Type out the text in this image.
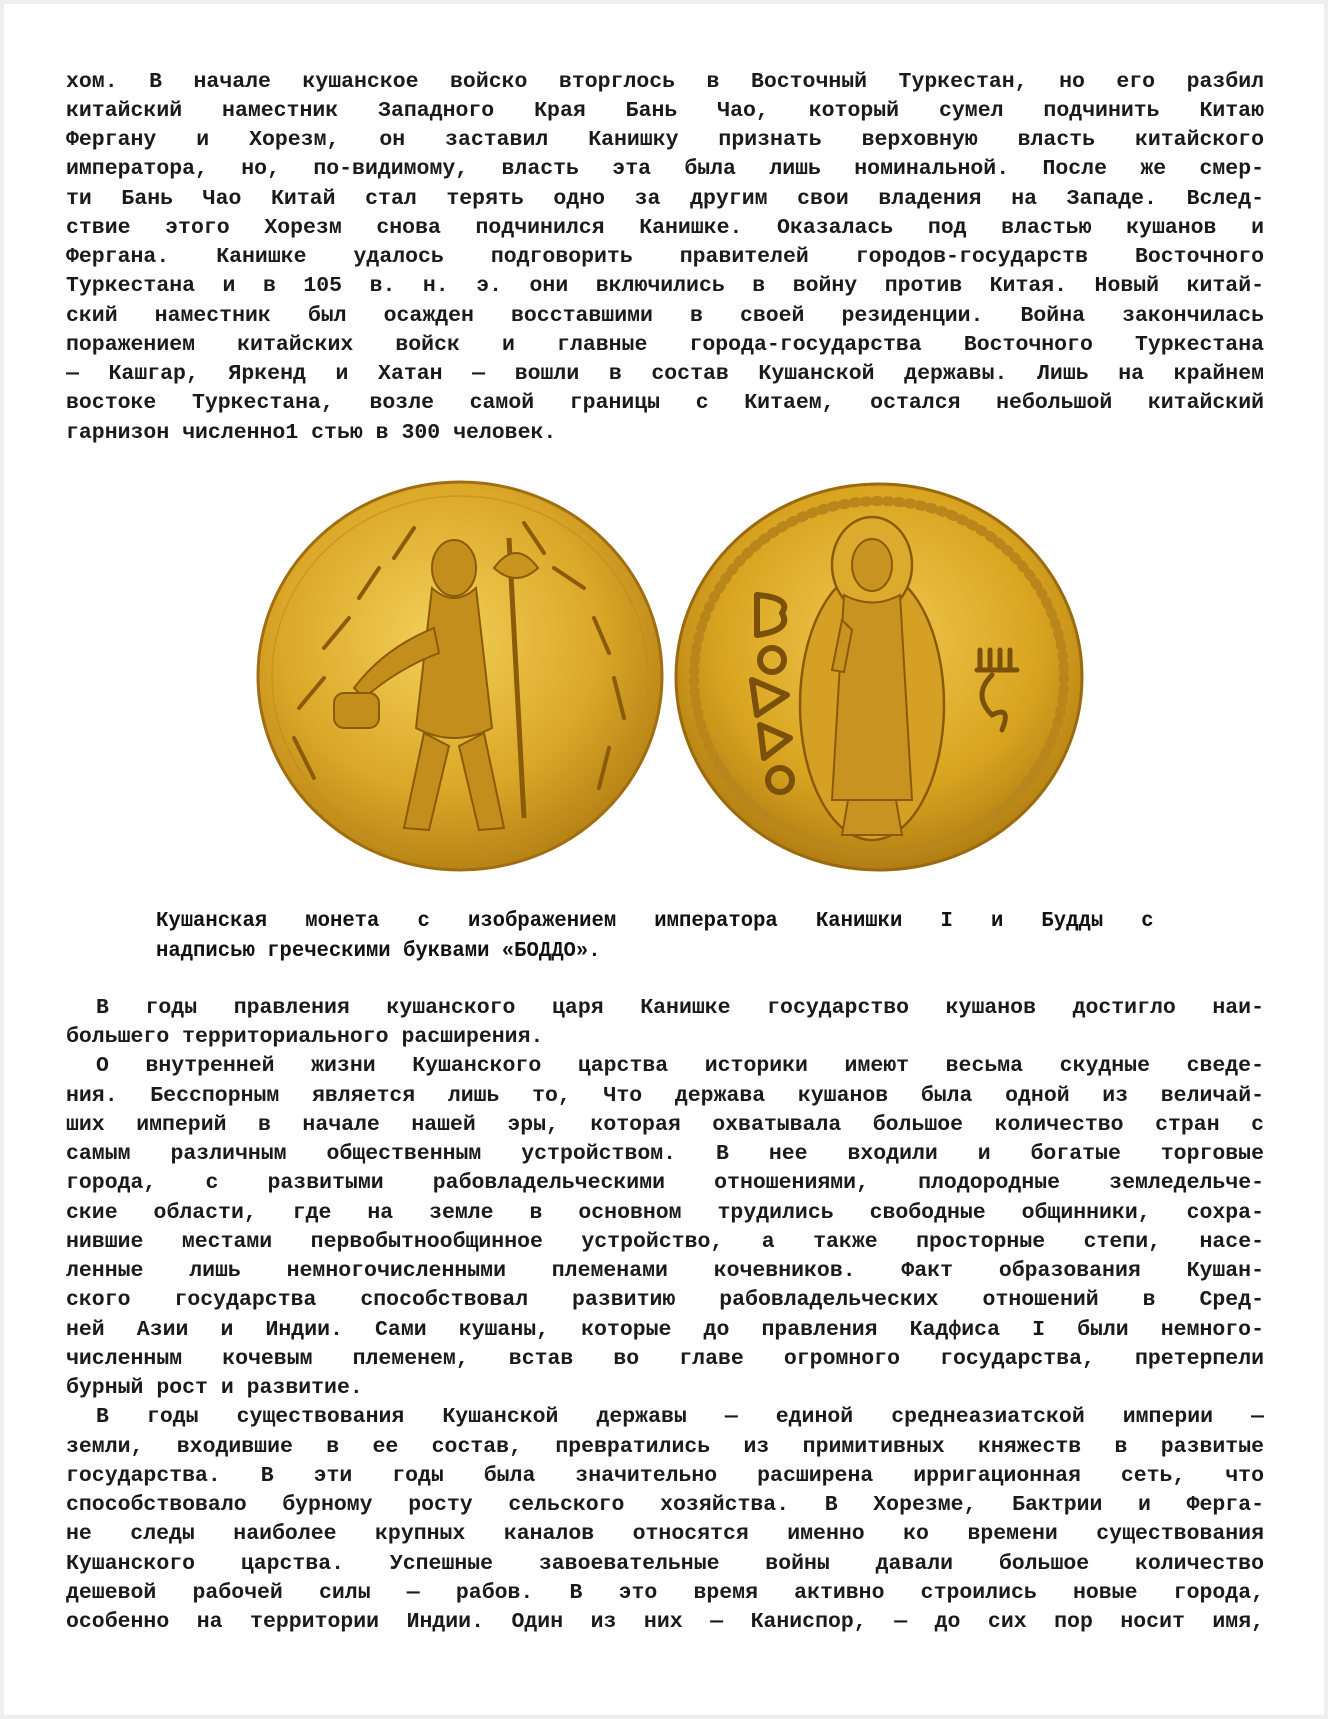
хом. В начале кушанское войско вторглось в Восточный Туркестан, но его разбил
китайский наместник Западного Края Бань Чао, который сумел подчинить Китаю
Фергану и Хорезм, он заставил Канишку признать верховную власть китайского
императора, но, по-видимому, власть эта была лишь номинальной. После же смер-
ти Бань Чао Китай стал терять одно за другим свои владения на Западе. Вслед-
ствие этого Хорезм снова подчинился Канишке. Оказалась под властью кушанов и
Фергана. Канишке удалось подговорить правителей городов-государств Восточного
Туркестана и в 105 в. н. э. они включились в войну против Китая. Новый китай-
ский наместник был осажден восставшими в своей резиденции. Война закончилась
поражением китайских войск и главные города-государства Восточного Туркестана
— Кашгар, Яркенд и Хатан — вошли в состав Кушанской державы. Лишь на крайнем
востоке Туркестана, возле самой границы с Китаем, остался небольшой китайский
гарнизон численно1 стью в 300 человек.
Кушанская монета с изображением императора Канишки I и Будды с
надписью греческими буквами «БОДДО».
В годы правления кушанского царя Канишке государство кушанов достигло наи-
большего территориального расширения.
О внутренней жизни Кушанского царства историки имеют весьма скудные сведе-
ния. Бесспорным является лишь то, Что держава кушанов была одной из величай-
ших империй в начале нашей эры, которая охватывала большое количество стран с
самым различным общественным устройством. В нее входили и богатые торговые
города, с развитыми рабовладельческими отношениями, плодородные земледельче-
ские области, где на земле в основном трудились свободные общинники, сохра-
нившие местами первобытнообщинное устройство, а также просторные степи, насе-
ленные лишь немногочисленными племенами кочевников. Факт образования Кушан-
ского государства способствовал развитию рабовладельческих отношений в Сред-
ней Азии и Индии. Сами кушаны, которые до правления Кадфиса I были немного-
численным кочевым племенем, встав во главе огромного государства, претерпели
бурный рост и развитие.
В годы существования Кушанской державы — единой среднеазиатской империи —
земли, входившие в ее состав, превратились из примитивных княжеств в развитые
государства. В эти годы была значительно расширена ирригационная сеть, что
способствовало бурному росту сельского хозяйства. В Хорезме, Бактрии и Ферга-
не следы наиболее крупных каналов относятся именно ко времени существования
Кушанского царства. Успешные завоевательные войны давали большое количество
дешевой рабочей силы — рабов. В это время активно строились новые города,
особенно на территории Индии. Один из них — Каниспор, — до сих пор носит имя,
